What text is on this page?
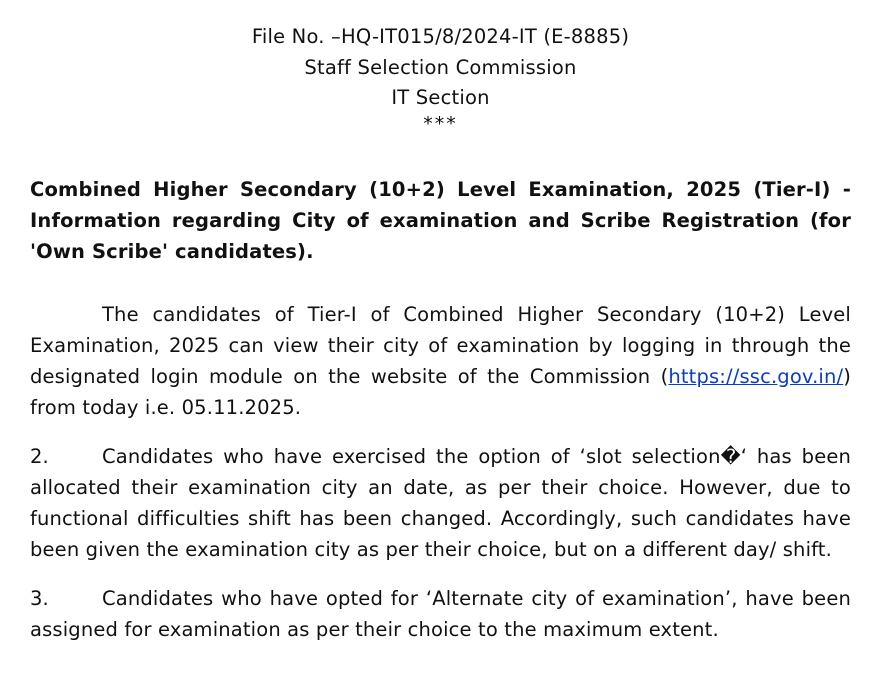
File No. –HQ-IT015/8/2024-IT (E-8885)
Staff Selection Commission
IT Section
***
Combined Higher Secondary (10+2) Level Examination, 2025 (Tier-I) - Information regarding City of examination and Scribe Registration (for 'Own Scribe' candidates).
The candidates of Tier-I of Combined Higher Secondary (10+2) Level Examination, 2025 can view their city of examination by logging in through the designated login module on the website of the Commission (https://ssc.gov.in/) from today i.e. 05.11.2025.
2.	Candidates who have exercised the option of ‘slot selection�‘ has been allocated their examination city an date, as per their choice. However, due to functional difficulties shift has been changed. Accordingly, such candidates have been given the examination city as per their choice, but on a different day/ shift.
3.	Candidates who have opted for ‘Alternate city of examination’, have been assigned for examination as per their choice to the maximum extent.
